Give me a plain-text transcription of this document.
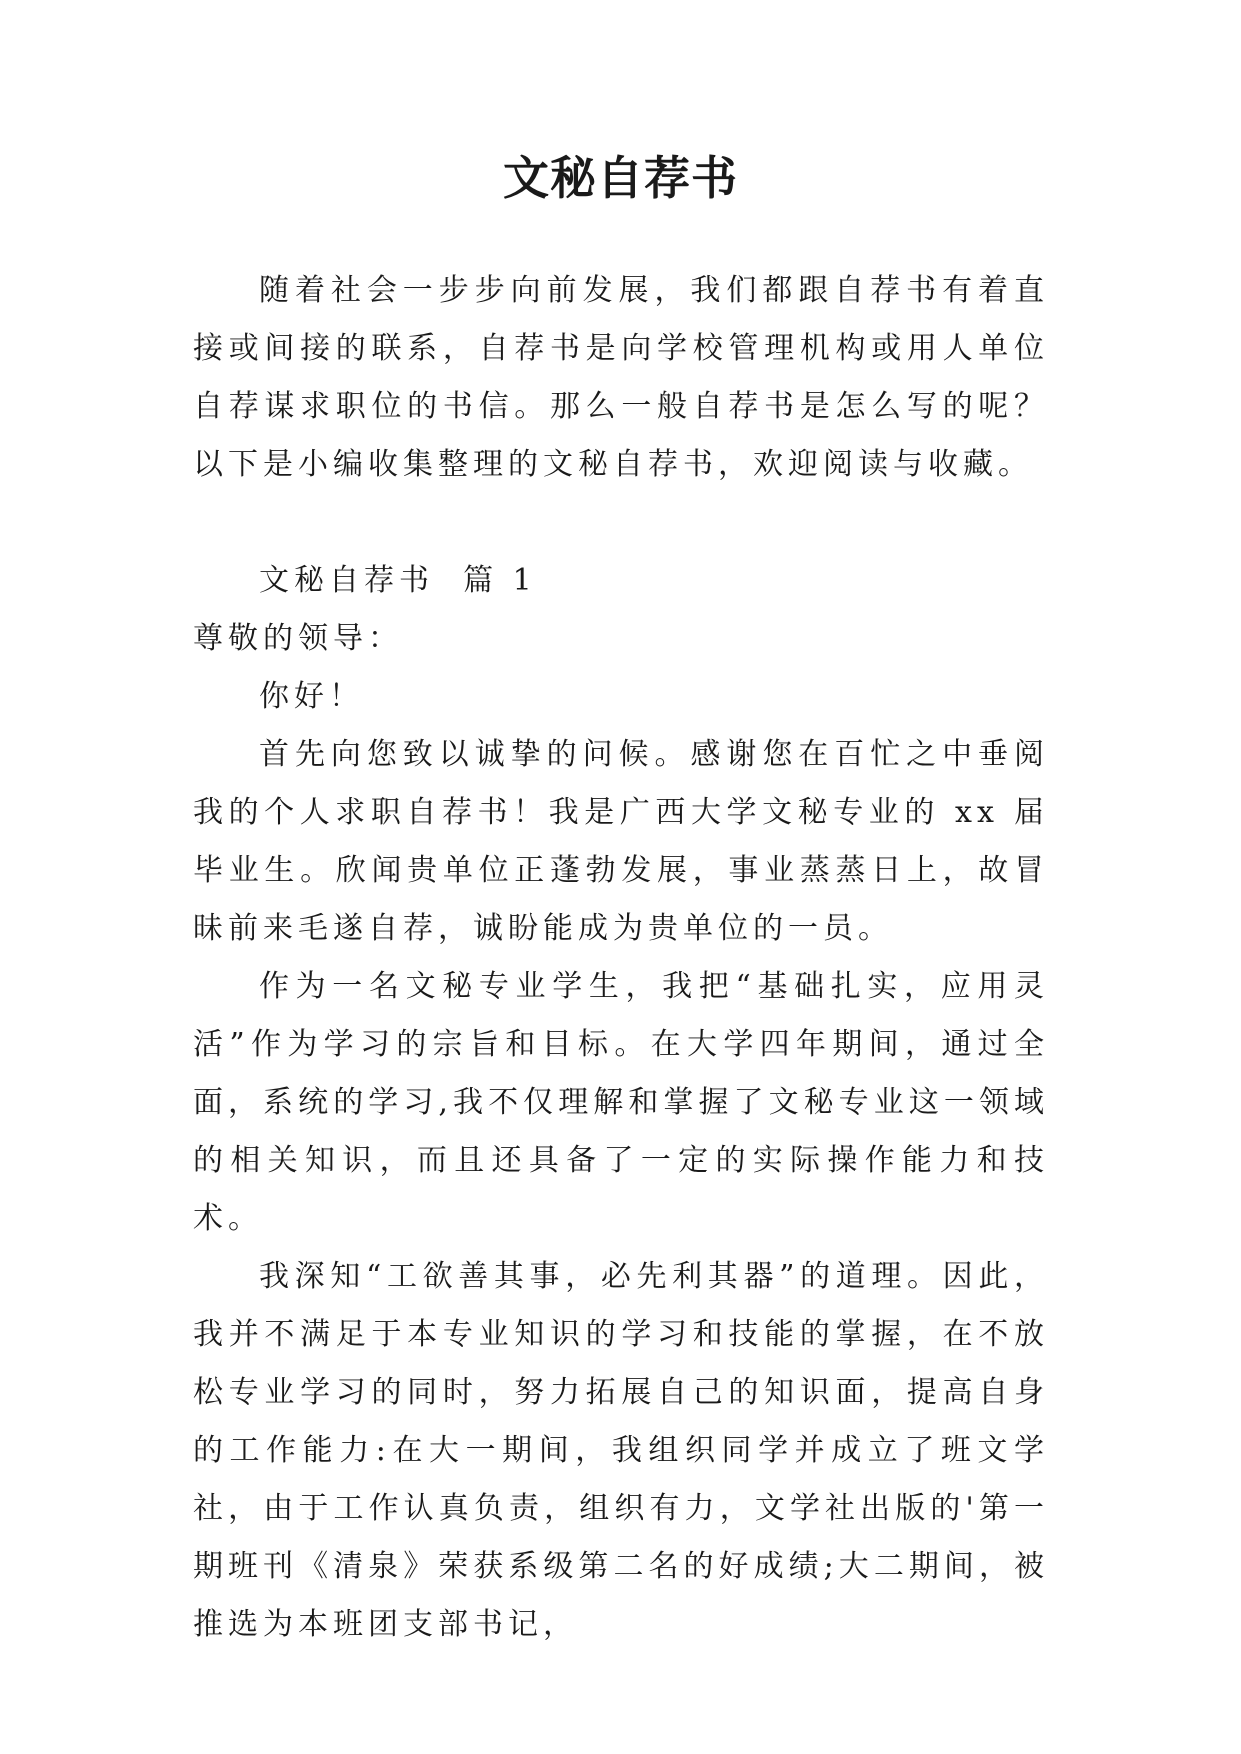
文秘自荐书

随着社会一步步向前发展，我们都跟自荐书有着直接或间接的联系，自荐书是向学校管理机构或用人单位自荐谋求职位的书信。那么一般自荐书是怎么写的呢？以下是小编收集整理的文秘自荐书，欢迎阅读与收藏。

文秘自荐书  篇 1

尊敬的领导：

你好！

首先向您致以诚挚的问候。感谢您在百忙之中垂阅我的个人求职自荐书！我是广西大学文秘专业的 xx 届毕业生。欣闻贵单位正蓬勃发展，事业蒸蒸日上，故冒昧前来毛遂自荐，诚盼能成为贵单位的一员。

作为一名文秘专业学生，我把“基础扎实，应用灵活”作为学习的宗旨和目标。在大学四年期间，通过全面，系统的学习,我不仅理解和掌握了文秘专业这一领域的相关知识，而且还具备了一定的实际操作能力和技术。

我深知“工欲善其事，必先利其器”的道理。因此，我并不满足于本专业知识的学习和技能的掌握，在不放松专业学习的同时，努力拓展自己的知识面，提高自身的工作能力:在大一期间，我组织同学并成立了班文学社，由于工作认真负责，组织有力，文学社出版的'第一期班刊《清泉》荣获系级第二名的好成绩;大二期间，被推选为本班团支部书记，
